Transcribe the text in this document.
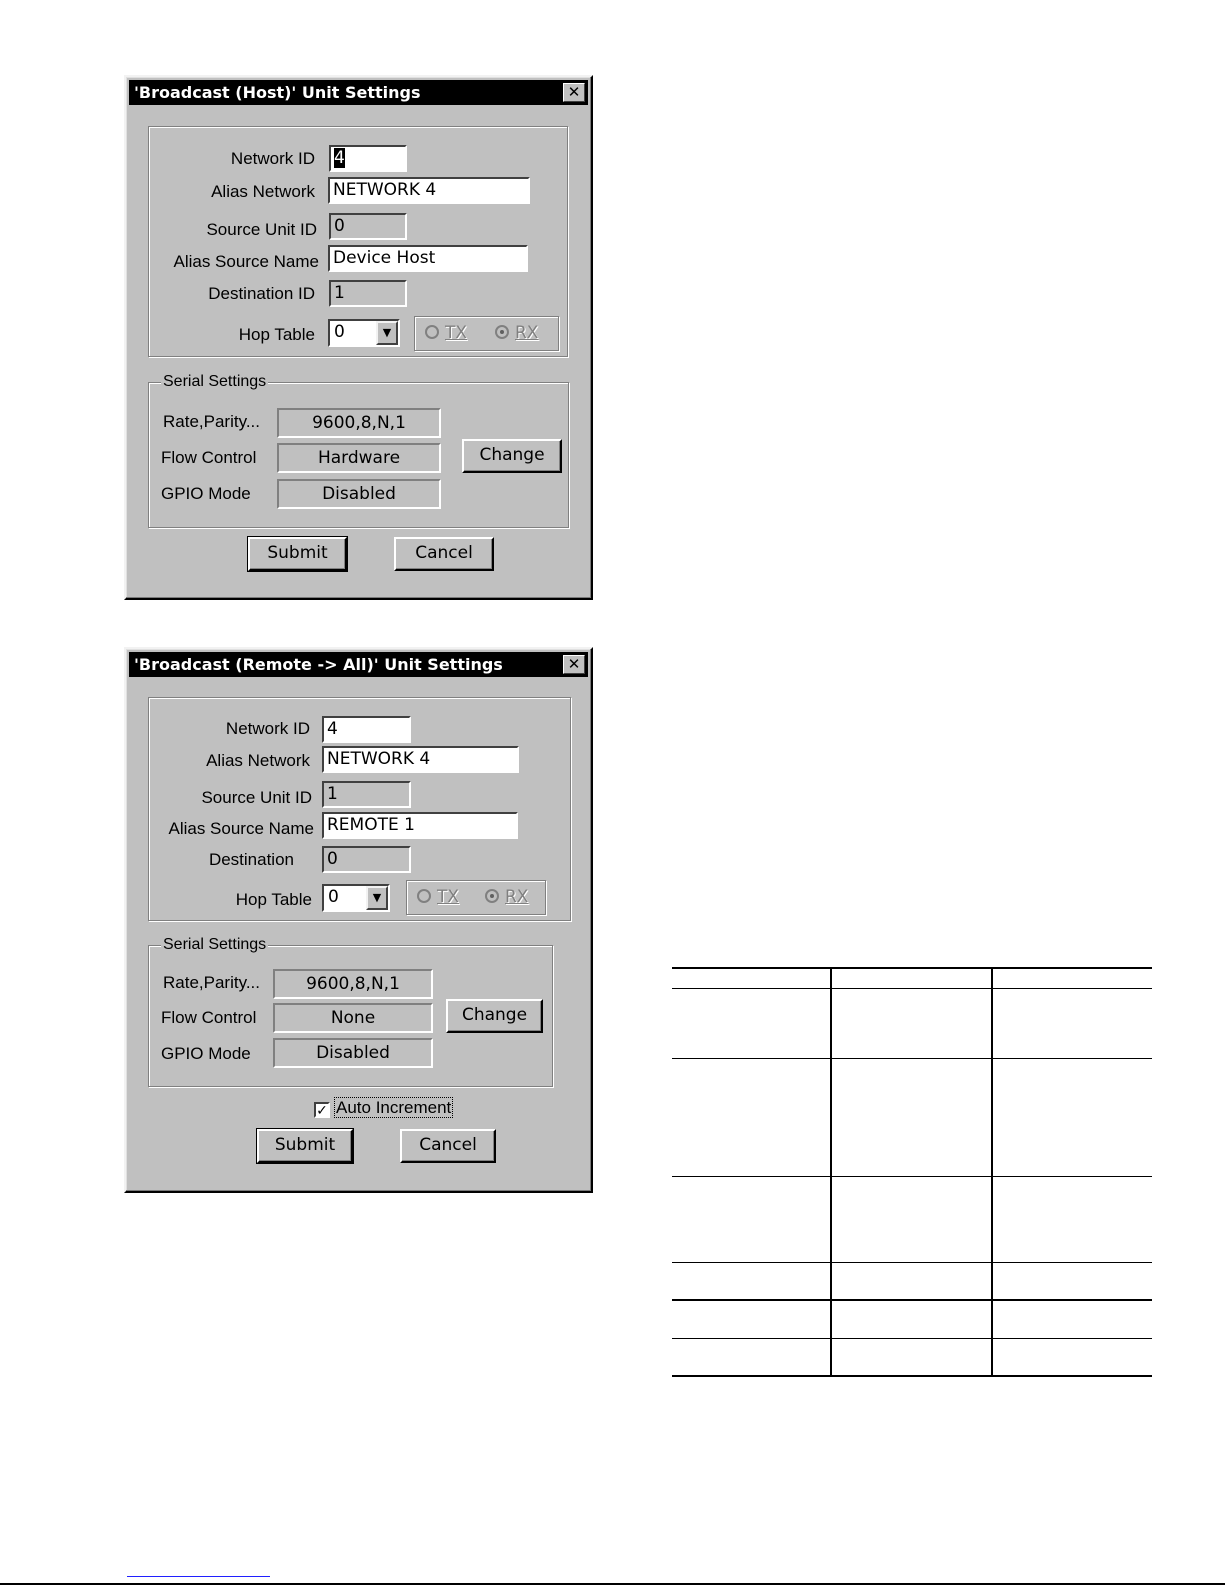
'Broadcast (Host)' Unit Settings	✕
Network ID 4
Alias Network NETWORK 4
Source Unit ID 0
Alias Source Name Device Host
Destination ID 1
Hop Table	0	▼	TX	RX
Serial Settings
Rate,Parity...	9600,8,N,1
Flow Control	Hardware
GPIO Mode	Disabled
Change
Submit	Cancel
'Broadcast (Remote -> All)' Unit Settings	✕
Network ID 4
Alias Network NETWORK 4
Source Unit ID 1
Alias Source Name REMOTE 1
Destination 0
Hop Table 0	▼	TX	RX
Serial Settings
Rate,Parity...	9600,8,N,1
Flow Control	None
GPIO Mode	Disabled
Change
✓ Auto Increment
Submit	Cancel
